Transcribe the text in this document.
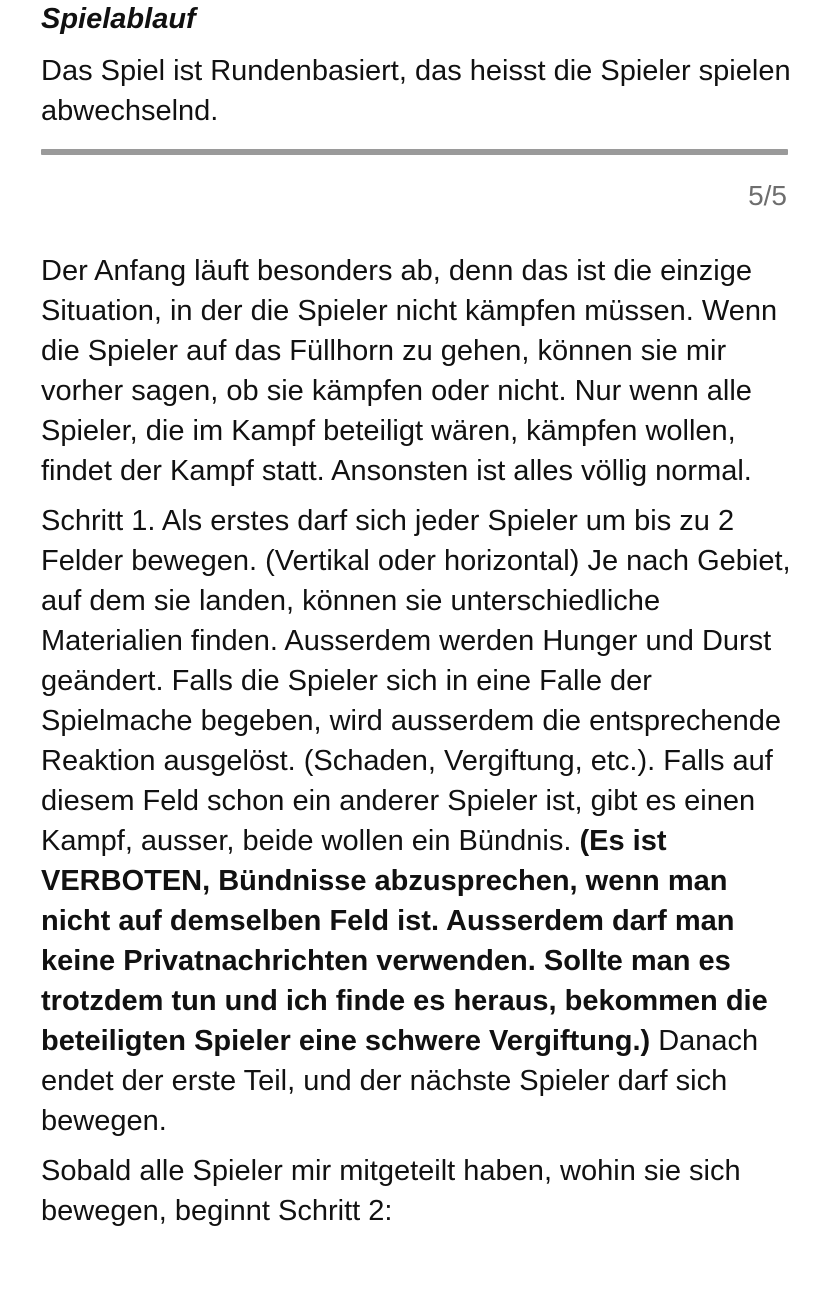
Spielablauf

Das Spiel ist Rundenbasiert, das heisst die Spieler spielen abwechselnd.

5/5

Der Anfang läuft besonders ab, denn das ist die einzige Situation, in der die Spieler nicht kämpfen müssen. Wenn die Spieler auf das Füllhorn zu gehen, können sie mir vorher sagen, ob sie kämpfen oder nicht. Nur wenn alle Spieler, die im Kampf beteiligt wären, kämpfen wollen, findet der Kampf statt. Ansonsten ist alles völlig normal.

Schritt 1. Als erstes darf sich jeder Spieler um bis zu 2 Felder bewegen. (Vertikal oder horizontal) Je nach Gebiet, auf dem sie landen, können sie unterschiedliche Materialien finden. Ausserdem werden Hunger und Durst geändert. Falls die Spieler sich in eine Falle der Spielmache begeben, wird ausserdem die entsprechende Reaktion ausgelöst. (Schaden, Vergiftung, etc.). Falls auf diesem Feld schon ein anderer Spieler ist, gibt es einen Kampf, ausser, beide wollen ein Bündnis. (Es ist VERBOTEN, Bündnisse abzusprechen, wenn man nicht auf demselben Feld ist. Ausserdem darf man keine Privatnachrichten verwenden. Sollte man es trotzdem tun und ich finde es heraus, bekommen die beteiligten Spieler eine schwere Vergiftung.) Danach endet der erste Teil, und der nächste Spieler darf sich bewegen.

Sobald alle Spieler mir mitgeteilt haben, wohin sie sich bewegen, beginnt Schritt 2:
